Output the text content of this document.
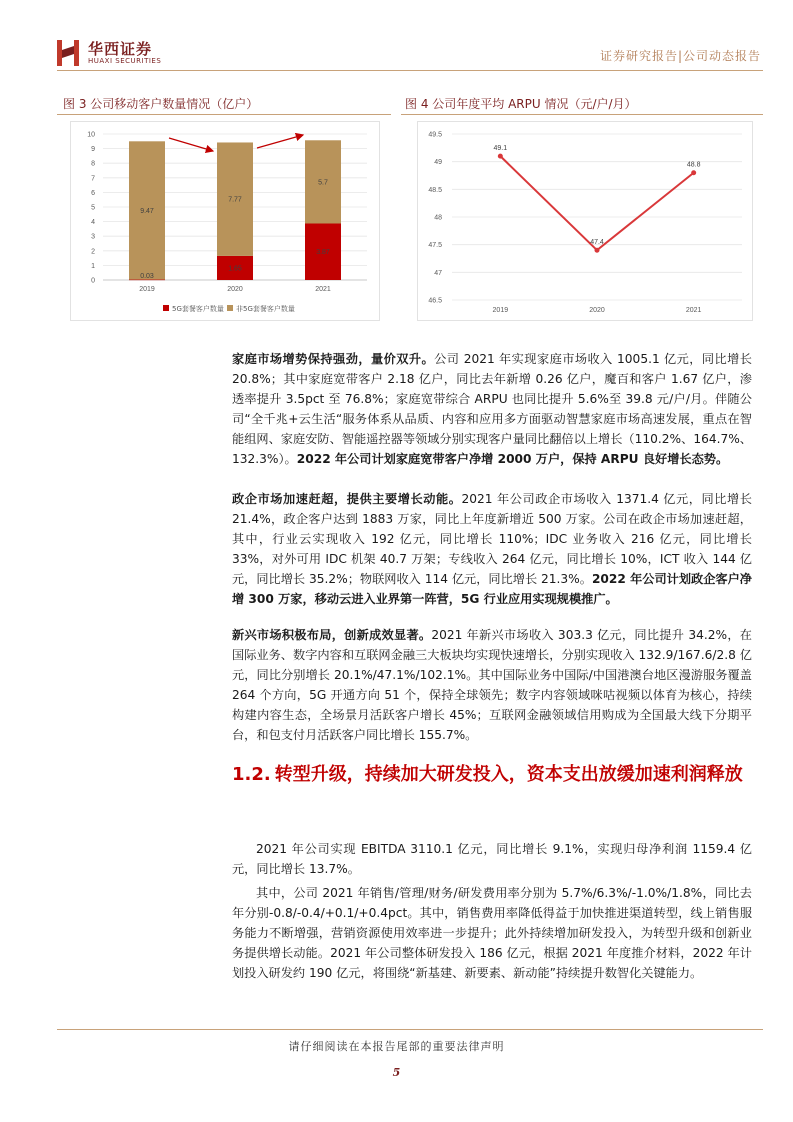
华西证券
HUAXI SECURITIES	证券研究报告|公司动态报告
图 3 公司移动客户数量情况（亿户）	图 4 公司年度平均 ARPU 情况（元/户/月）
0
1
2
3
4
5
6
7
8
9
10
2019	2020	2021
0.03
9.47
1.65
7.77
3.87
5.7
5G套餐客户数量 非5G套餐客户数量
46.5
47
47.5
48
48.5
49
49.5
49.1
47.4
48.8
2019	2020	2021
家庭市场增势保持强劲，量价双升。公司 2021 年实现家庭市场收入 1005.1 亿元，同比增长 20.8%；其中家庭宽带客户 2.18 亿户，同比去年新增 0.26 亿户，魔百和客户 1.67 亿户，渗透率提升 3.5pct 至 76.8%；家庭宽带综合 ARPU 也同比提升 5.6%至 39.8 元/户/月。伴随公司“全千兆+云生活“服务体系从品质、内容和应用多方面驱动智慧家庭市场高速发展，重点在智能组网、家庭安防、智能遥控器等领域分别实现客户量同比翻倍以上增长（110.2%、164.7%、132.3%）。2022 年公司计划家庭宽带客户净增 2000 万户，保持 ARPU 良好增长态势。
政企市场加速赶超，提供主要增长动能。2021 年公司政企市场收入 1371.4 亿元，同比增长 21.4%，政企客户达到 1883 万家，同比上年度新增近 500 万家。公司在政企市场加速赶超，其中，行业云实现收入 192 亿元，同比增长 110%；IDC 业务收入 216 亿元，同比增长 33%，对外可用 IDC 机架 40.7 万架；专线收入 264 亿元，同比增长 10%，ICT 收入 144 亿元，同比增长 35.2%；物联网收入 114 亿元，同比增长 21.3%。2022 年公司计划政企客户净增 300 万家，移动云进入业界第一阵营，5G 行业应用实现规模推广。
新兴市场积极布局，创新成效显著。2021 年新兴市场收入 303.3 亿元，同比提升 34.2%，在国际业务、数字内容和互联网金融三大板块均实现快速增长，分别实现收入 132.9/167.6/2.8 亿元，同比分别增长 20.1%/47.1%/102.1%。其中国际业务中国际/中国港澳台地区漫游服务覆盖 264 个方向，5G 开通方向 51 个，保持全球领先；数字内容领域咪咕视频以体育为核心，持续构建内容生态，全场景月活跃客户增长 45%；互联网金融领域信用购成为全国最大线下分期平台，和包支付月活跃客户同比增长 155.7%。
1.2. 转型升级，持续加大研发投入，资本支出放缓加速利润释放
2021 年公司实现 EBITDA 3110.1 亿元，同比增长 9.1%，实现归母净利润 1159.4 亿元，同比增长 13.7%。
其中，公司 2021 年销售/管理/财务/研发费用率分别为 5.7%/6.3%/-1.0%/1.8%，同比去年分别-0.8/-0.4/+0.1/+0.4pct。其中，销售费用率降低得益于加快推进渠道转型，线上销售服务能力不断增强，营销资源使用效率进一步提升；此外持续增加研发投入，为转型升级和创新业务提供增长动能。2021 年公司整体研发投入 186 亿元，根据 2021 年度推介材料，2022 年计划投入研发约 190 亿元，将围绕“新基建、新要素、新动能”持续提升数智化关键能力。
请仔细阅读在本报告尾部的重要法律声明
5
